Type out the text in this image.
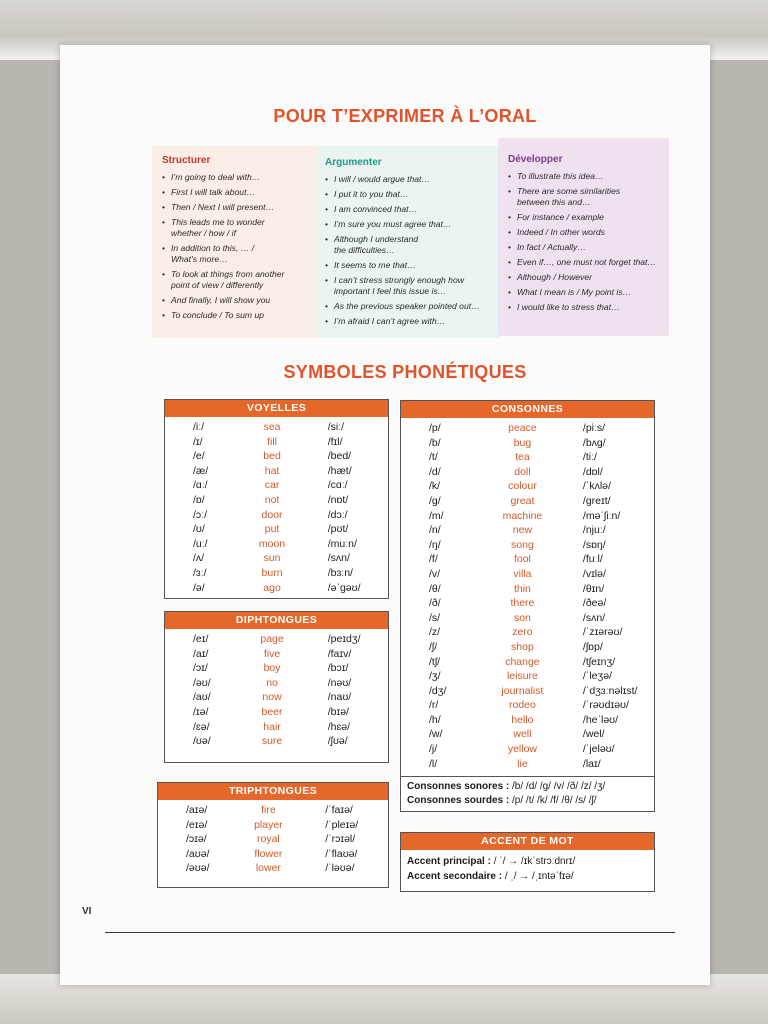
POUR T’EXPRIMER À L’ORAL
Structurer
• I’m going to deal with…
• First I will talk about…
• Then / Next I will present…
• This leads me to wonder
whether / how / if
• In addition to this, … /
What’s more…
• To look at things from another
point of view / differently
• And finally, I will show you
• To conclude / To sum up
Argumenter
• I will / would argue that…
• I put it to you that…
• I am convinced that…
• I’m sure you must agree that…
• Although I understand
the difficulties…
• It seems to me that…
• I can’t stress strongly enough how
important I feel this issue is…
• As the previous speaker pointed out…
• I’m afraid I can’t agree with…
Développer
• To illustrate this idea…
• There are some similarities
between this and…
• For instance / example
• Indeed / In other words
• In fact / Actually…
• Even if…, one must not forget that…
• Although / However
• What I mean is / My point is…
• I would like to stress that…
SYMBOLES PHONÉTIQUES
VOYELLES
/iː/	sea	/siː/
/ɪ/	fill	/fɪl/
/e/	bed	/bed/
/æ/	hat	/hæt/
/ɑː/	car	/cɑː/
/ɒ/	not	/nɒt/
/ɔː/	door	/dɔː/
/ʊ/	put	/pʊt/
/uː/	moon	/muːn/
/ʌ/	sun	/sʌn/
/ɜː/	burn	/bɜːn/
/ə/	ago	/əˈgəʊ/
DIPHTONGUES
/eɪ/	page	/peɪdʒ/
/aɪ/	five	/faɪv/
/ɔɪ/	boy	/bɔɪ/
/əʊ/	no	/nəʊ/
/aʊ/	now	/naʊ/
/ɪə/	beer	/bɪə/
/ɛə/	hair	/hɛə/
/ʊə/	sure	/ʃʊə/
TRIPHTONGUES
/aɪə/	fire	/ˈfaɪə/
/eɪə/	player	/ˈpleɪə/
/ɔɪə/	royal	/ˈrɔɪəl/
/aʊə/	flower	/ˈflaʊə/
/əʊə/	lower	/ˈləʊə/
CONSONNES
/p/	peace	/piːs/
/b/	bug	/bʌg/
/t/	tea	/tiː/
/d/	doll	/dɒl/
/k/	colour	/ˈkʌlə/
/g/	great	/greɪt/
/m/	machine	/məˈʃiːn/
/n/	new	/njuː/
/ŋ/	song	/sɒŋ/
/f/	fool	/fuːl/
/v/	villa	/vɪlə/
/θ/	thin	/θɪn/
/ð/	there	/ðeə/
/s/	son	/sʌn/
/z/	zero	/ˈzɪərəʊ/
/ʃ/	shop	/ʃɒp/
/tʃ/	change	/tʃeɪnʒ/
/ʒ/	leisure	/ˈleʒə/
/dʒ/	journalist	/ˈdʒɜːnəlɪst/
/r/	rodeo	/ˈrəʊdɪəʊ/
/h/	hello	/heˈləʊ/
/w/	well	/wel/
/j/	yellow	/ˈjeləʊ/
/l/	lie	/laɪ/
Consonnes sonores : /b/ /d/ /g/ /v/ /ð/ /z/ /ʒ/
Consonnes sourdes : /p/ /t/ /k/ /f/ /θ/ /s/ /ʃ/
ACCENT DE MOT
Accent principal : / ˈ/ → /ɪkˈstrɔːdnrɪ/
Accent secondaire : / ˌ/ → /ˌɪntəˈfɪə/
VI
